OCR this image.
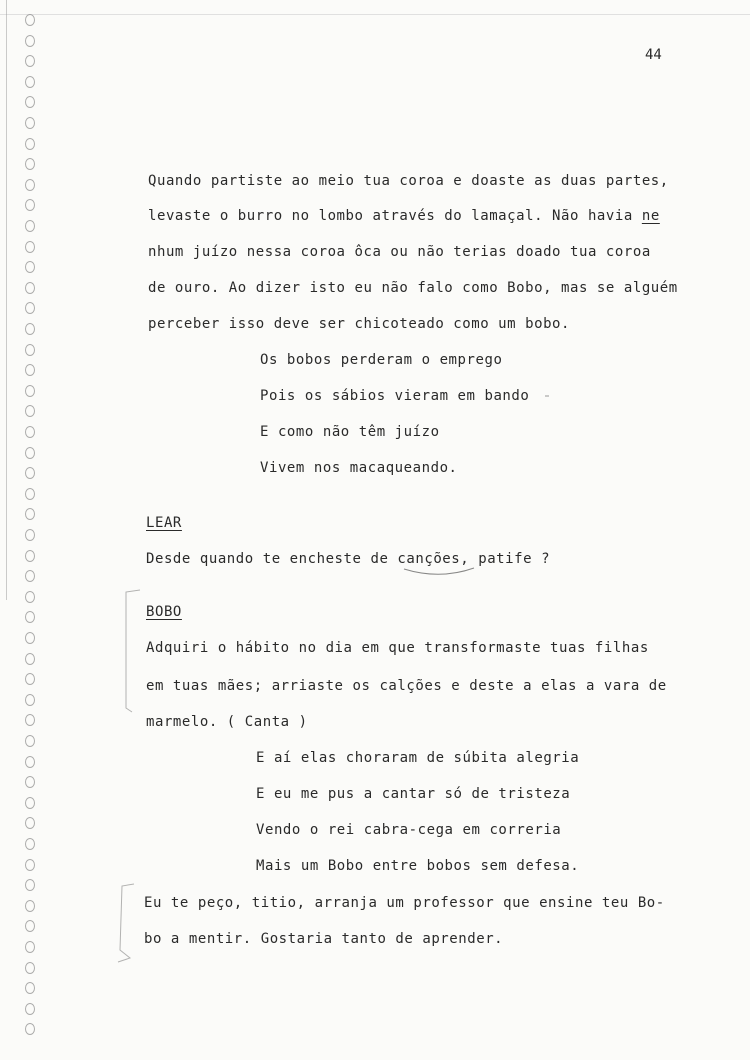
44
Quando partiste ao meio tua coroa e doaste as duas partes,
levaste o burro no lombo através do lamaçal. Não havia ne
nhum juízo nessa coroa ôca ou não terias doado tua coroa
de ouro. Ao dizer isto eu não falo como Bobo, mas se alguém
perceber isso deve ser chicoteado como um bobo.
Os bobos perderam o emprego
Pois os sábios vieram em bando
E como não têm juízo
Vivem nos macaqueando.
LEAR
Desde quando te encheste de canções, patife ?
BOBO
Adquiri o hábito no dia em que transformaste tuas filhas
em tuas mães; arriaste os calções e deste a elas a vara de
marmelo. ( Canta )
E aí elas choraram de súbita alegria
E eu me pus a cantar só de tristeza
Vendo o rei cabra-cega em correria
Mais um Bobo entre bobos sem defesa.
Eu te peço, titio, arranja um professor que ensine teu Bo-
bo a mentir. Gostaria tanto de aprender.
